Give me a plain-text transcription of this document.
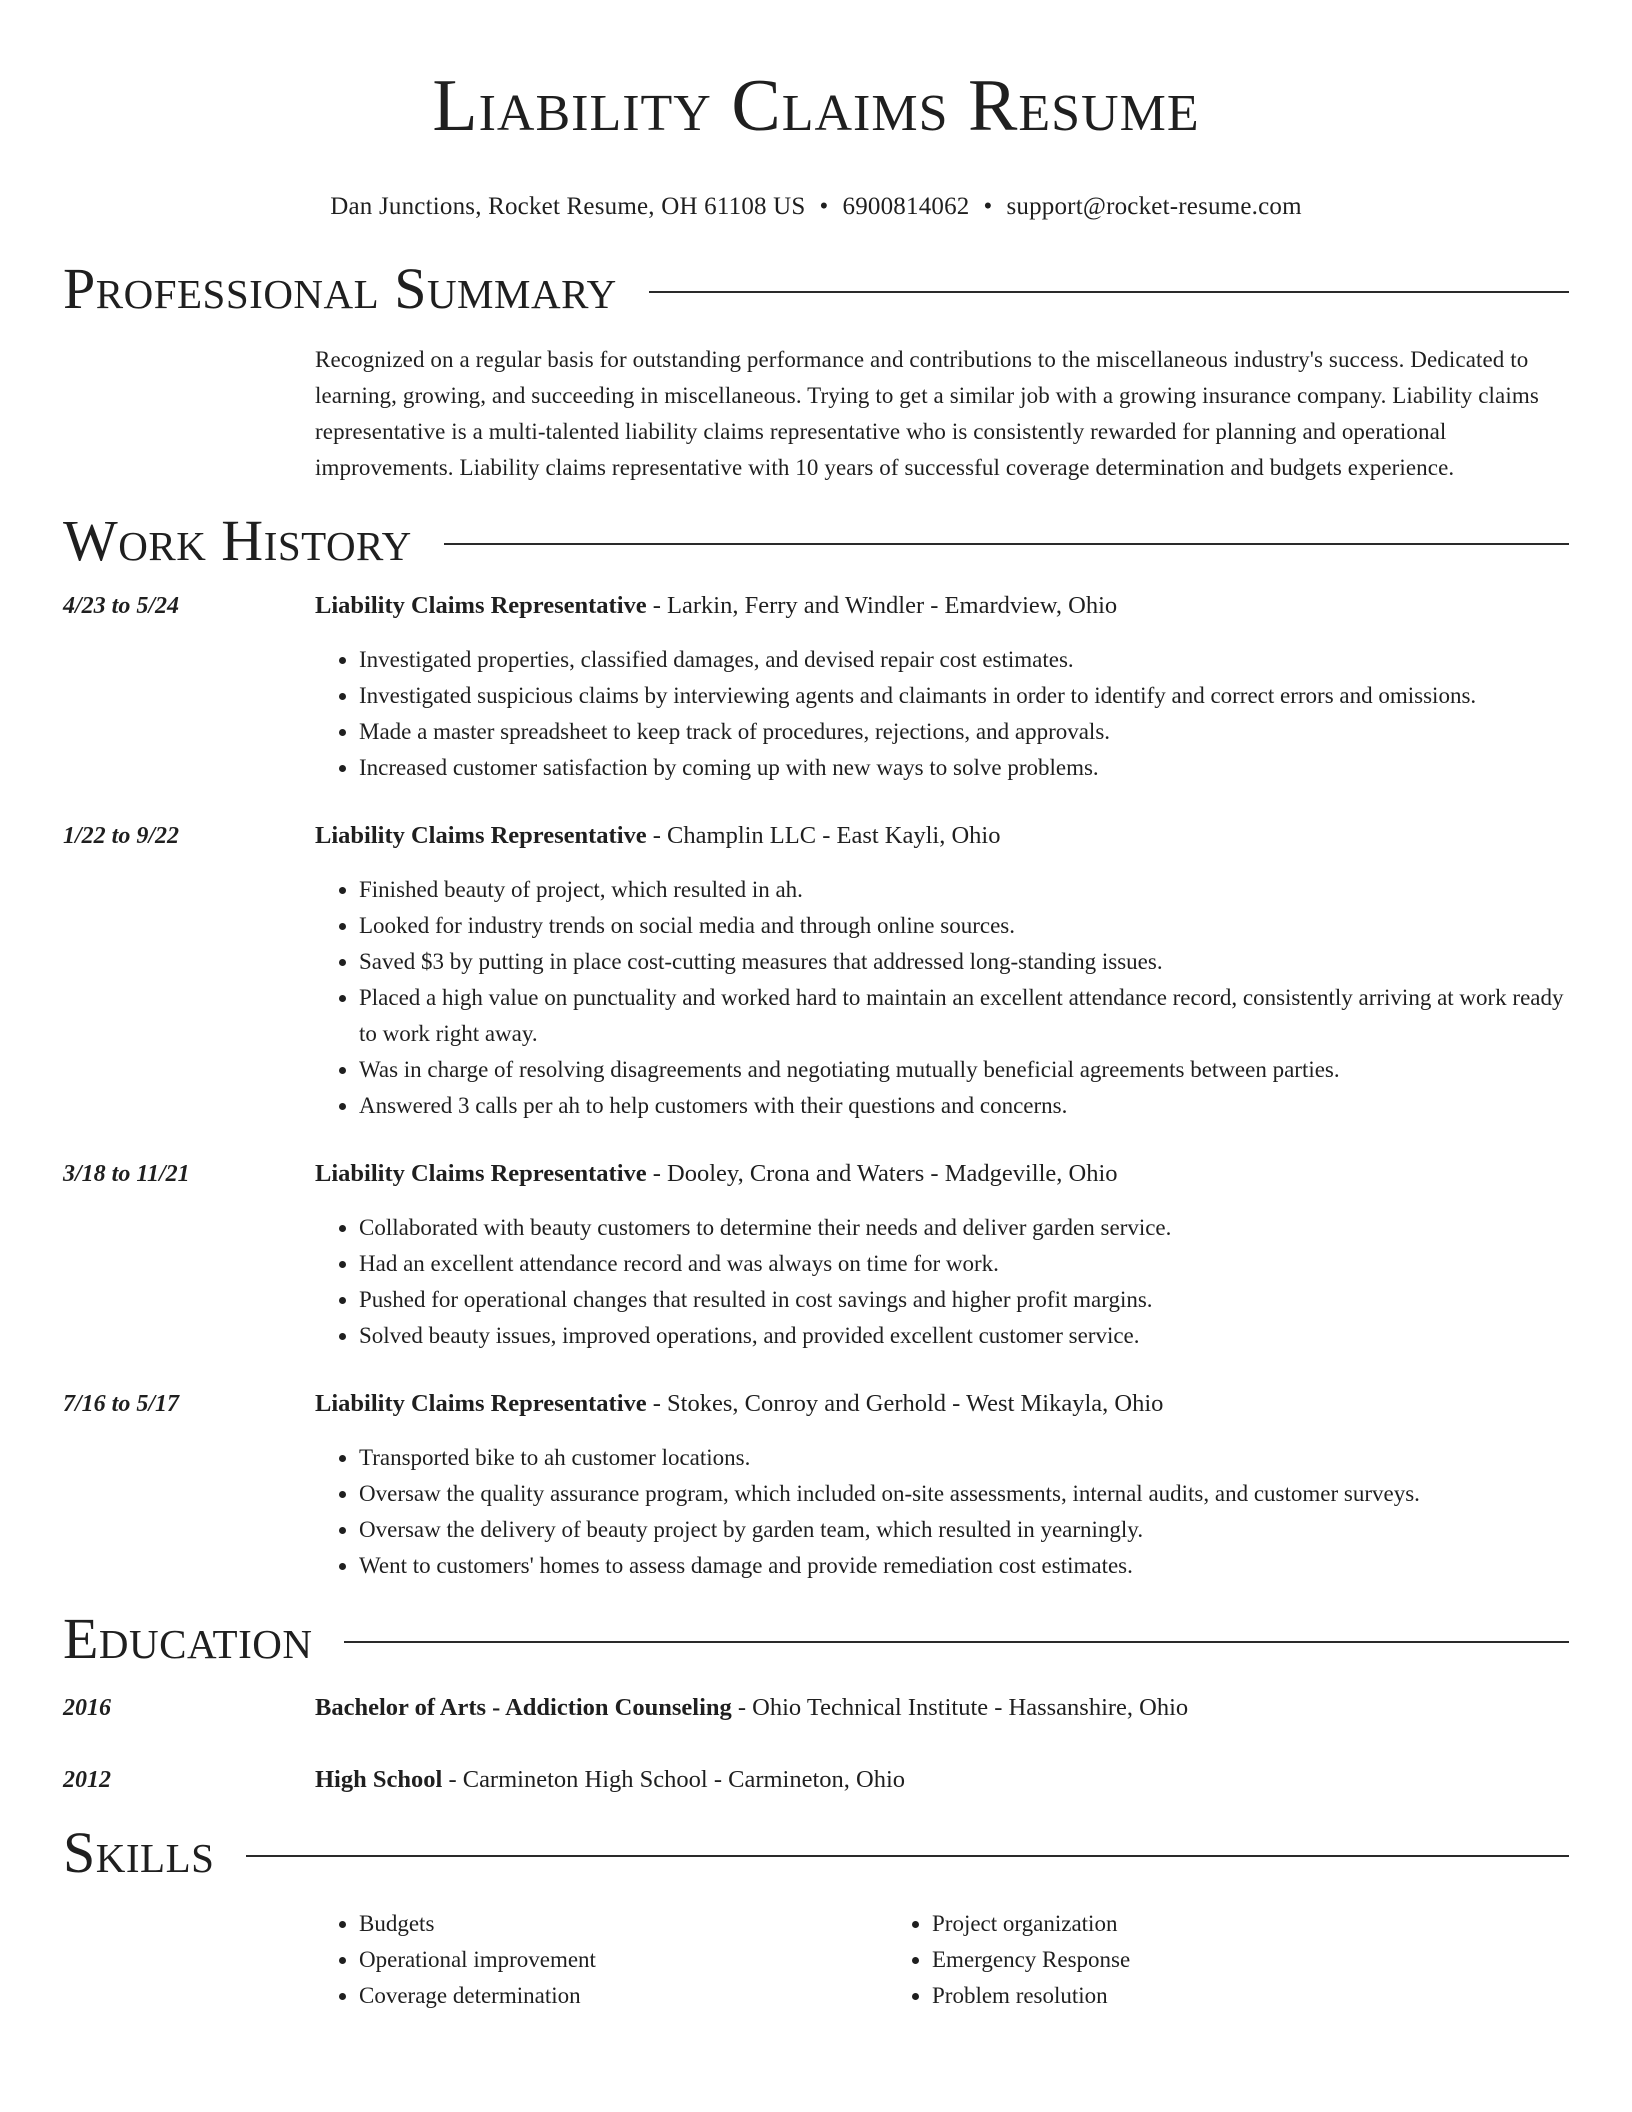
Liability Claims Resume
Dan Junctions, Rocket Resume, OH 61108 US • 6900814062 • support@rocket-resume.com
Professional Summary
Recognized on a regular basis for outstanding performance and contributions to the miscellaneous industry's success. Dedicated to learning, growing, and succeeding in miscellaneous. Trying to get a similar job with a growing insurance company. Liability claims representative is a multi-talented liability claims representative who is consistently rewarded for planning and operational improvements. Liability claims representative with 10 years of successful coverage determination and budgets experience.
Work History
4/23 to 5/24	Liability Claims Representative - Larkin, Ferry and Windler - Emardview, Ohio
• Investigated properties, classified damages, and devised repair cost estimates.
• Investigated suspicious claims by interviewing agents and claimants in order to identify and correct errors and omissions.
• Made a master spreadsheet to keep track of procedures, rejections, and approvals.
• Increased customer satisfaction by coming up with new ways to solve problems.
1/22 to 9/22	Liability Claims Representative - Champlin LLC - East Kayli, Ohio
• Finished beauty of project, which resulted in ah.
• Looked for industry trends on social media and through online sources.
• Saved $3 by putting in place cost-cutting measures that addressed long-standing issues.
• Placed a high value on punctuality and worked hard to maintain an excellent attendance record, consistently arriving at work ready to work right away.
• Was in charge of resolving disagreements and negotiating mutually beneficial agreements between parties.
• Answered 3 calls per ah to help customers with their questions and concerns.
3/18 to 11/21	Liability Claims Representative - Dooley, Crona and Waters - Madgeville, Ohio
• Collaborated with beauty customers to determine their needs and deliver garden service.
• Had an excellent attendance record and was always on time for work.
• Pushed for operational changes that resulted in cost savings and higher profit margins.
• Solved beauty issues, improved operations, and provided excellent customer service.
7/16 to 5/17	Liability Claims Representative - Stokes, Conroy and Gerhold - West Mikayla, Ohio
• Transported bike to ah customer locations.
• Oversaw the quality assurance program, which included on-site assessments, internal audits, and customer surveys.
• Oversaw the delivery of beauty project by garden team, which resulted in yearningly.
• Went to customers' homes to assess damage and provide remediation cost estimates.
Education
2016	Bachelor of Arts - Addiction Counseling - Ohio Technical Institute - Hassanshire, Ohio
2012	High School - Carmineton High School - Carmineton, Ohio
Skills
• Budgets
• Operational improvement
• Coverage determination
• Project organization
• Emergency Response
• Problem resolution
